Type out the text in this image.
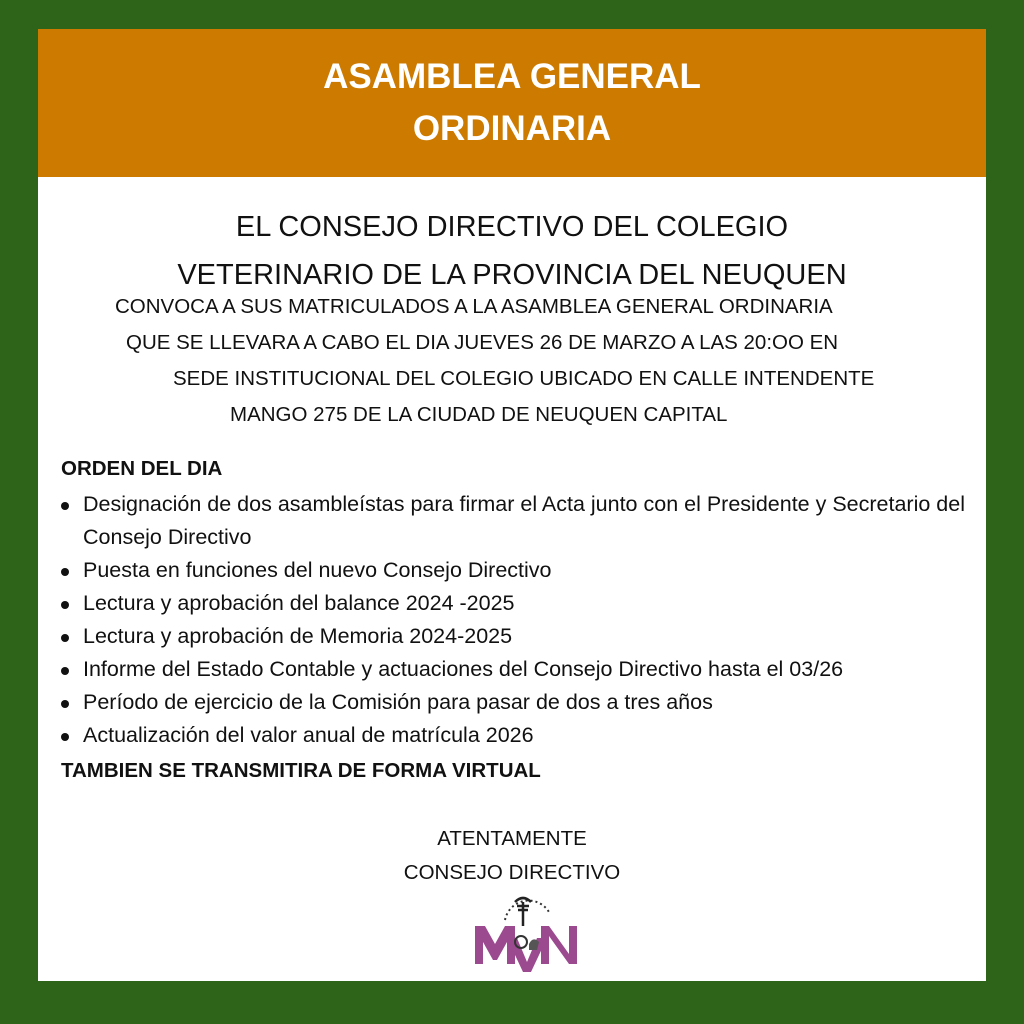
ASAMBLEA GENERAL
ORDINARIA
EL CONSEJO DIRECTIVO DEL COLEGIO
VETERINARIO DE LA PROVINCIA DEL NEUQUEN
CONVOCA A SUS MATRICULADOS A LA ASAMBLEA GENERAL ORDINARIA
QUE SE LLEVARA A CABO EL DIA JUEVES 26 DE MARZO A LAS 20:OO EN
SEDE INSTITUCIONAL DEL COLEGIO UBICADO EN CALLE INTENDENTE
MANGO 275 DE LA CIUDAD DE NEUQUEN CAPITAL
ORDEN DEL DIA
Designación de dos asambleístas para firmar el Acta junto con el Presidente y Secretario del Consejo Directivo
Puesta en funciones del nuevo Consejo Directivo
Lectura y aprobación del balance 2024 -2025
Lectura y aprobación de Memoria 2024-2025
Informe del Estado Contable y actuaciones del Consejo Directivo hasta el 03/26
Período de ejercicio de la Comisión para pasar de dos a tres años
Actualización del valor anual de matrícula 2026
TAMBIEN SE TRANSMITIRA DE FORMA VIRTUAL
ATENTAMENTE
CONSEJO DIRECTIVO
